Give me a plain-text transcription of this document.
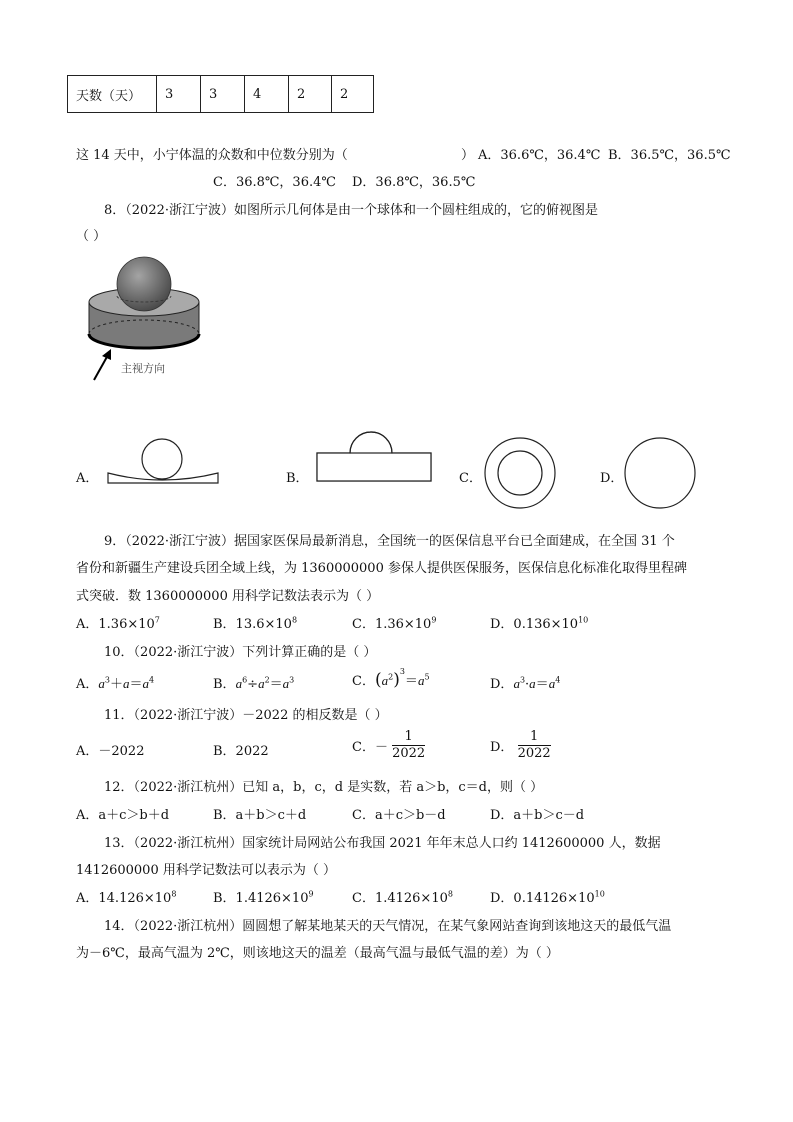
天数（天）	3	3	4	2	2
这 14 天中，小宁体温的众数和中位数分别为（	） A．36.6℃，36.4℃ B．36.5℃，36.5℃
C．36.8℃，36.4℃ D．36.8℃，36.5℃
8．（2022·浙江宁波）如图所示几何体是由一个球体和一个圆柱组成的，它的俯视图是
（ ）
主视方向
A．	B．	C．	D．
9．（2022·浙江宁波）据国家医保局最新消息，全国统一的医保信息平台已全面建成，在全国 31 个
省份和新疆生产建设兵团全域上线，为 1360000000 参保人提供医保服务，医保信息化标准化取得里程碑
式突破．数 1360000000 用科学记数法表示为（ ）
A．$1.36\times 10^7$	B．$13.6\times 10^8$	C．$1.36\times 10^9$	D．$0.136\times 10^{10}$
10．（2022·浙江宁波）下列计算正确的是（ ）
A．$a^3+a=a^4$	B．$a^6\div a^2=a^3$	C．$(a^2)^3=a^5$	D．$a^3\cdot a=a^4$
11．（2022·浙江宁波）－2022 的相反数是（ ）
A．－2022	B．2022	C．－ $\frac{1}{2022}$	D． $\frac{1}{2022}$
12．（2022·浙江杭州）已知 a，b，c，d 是实数，若 a＞b，c＝d，则（ ）
A．a＋c＞b＋d	B．a＋b＞c＋d	C．a＋c＞b－d	D．a＋b＞c－d
13．（2022·浙江杭州）国家统计局网站公布我国 2021 年年末总人口约 1412600000 人，数据
1412600000 用科学记数法可以表示为（ ）
A．$14.126\times 10^8$	B．$1.4126\times 10^9$	C．$1.4126\times 10^8$	D．$0.14126\times 10^{10}$
14．（2022·浙江杭州）圆圆想了解某地某天的天气情况，在某气象网站查询到该地这天的最低气温
为－6℃，最高气温为 2℃，则该地这天的温差（最高气温与最低气温的差）为（ ）
